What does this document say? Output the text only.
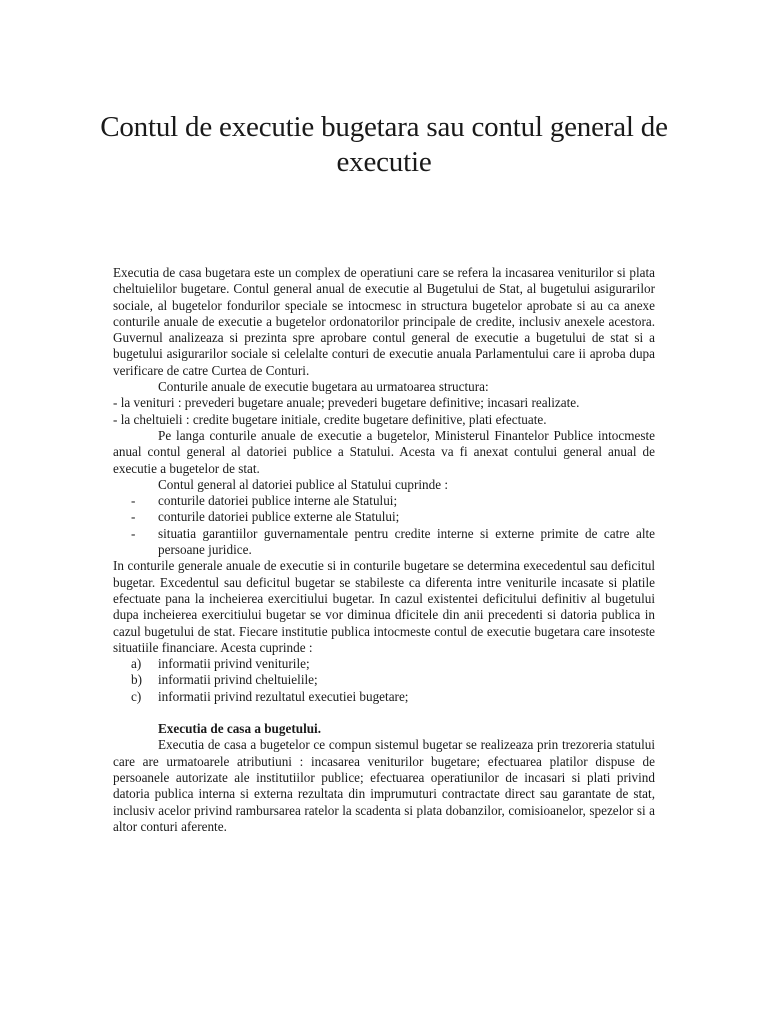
Contul de executie bugetara sau contul general de executie

Executia de casa bugetara este un complex de operatiuni care se refera la incasarea veniturilor si plata cheltuielilor bugetare. Contul general anual de executie al Bugetului de Stat, al bugetului asigurarilor sociale, al bugetelor fondurilor speciale se intocmesc in structura bugetelor aprobate si au ca anexe conturile anuale de executie a bugetelor ordonatorilor principale de credite, inclusiv anexele acestora. Guvernul analizeaza si prezinta spre aprobare contul general de executie a bugetului de stat si a bugetului asigurarilor sociale si celelalte conturi de executie anuala Parlamentului care ii aproba dupa verificare de catre Curtea de Conturi.

Conturile anuale de executie bugetara au urmatoarea structura:

- la venituri : prevederi bugetare anuale; prevederi bugetare definitive; incasari realizate.

- la cheltuieli : credite bugetare initiale, credite bugetare definitive, plati efectuate.

Pe langa conturile anuale de executie a bugetelor, Ministerul Finantelor Publice intocmeste anual contul general al datoriei publice a Statului. Acesta va fi anexat contului general anual de executie a bugetelor de stat.

Contul general al datoriei publice al Statului cuprinde :

-	conturile datoriei publice interne ale Statului;
-	conturile datoriei publice externe ale Statului;
-	situatia garantiilor guvernamentale pentru credite interne si externe primite de catre alte persoane juridice.

In conturile generale anuale de executie si in conturile bugetare se determina execedentul sau deficitul bugetar. Excedentul sau deficitul bugetar se stabileste ca diferenta intre veniturile incasate si platile efectuate pana la incheierea exercitiului bugetar. In cazul existentei deficitului definitiv al bugetului dupa incheierea exercitiului bugetar se vor diminua dficitele din anii precedenti si datoria publica in cazul bugetului de stat. Fiecare institutie publica intocmeste contul de executie bugetara care insoteste situatiile financiare. Acesta cuprinde :

a)	informatii privind veniturile;
b)	informatii privind cheltuielile;
c)	informatii privind rezultatul executiei bugetare;

Executia de casa a bugetului.

Executia de casa a bugetelor ce compun sistemul bugetar se realizeaza prin trezoreria statului care are urmatoarele atributiuni : incasarea veniturilor bugetare; efectuarea platilor dispuse de persoanele autorizate ale institutiilor publice; efectuarea operatiunilor de incasari si plati privind datoria publica interna si externa rezultata din imprumuturi contractate direct sau garantate de stat, inclusiv acelor privind rambursarea ratelor la scadenta si plata dobanzilor, comisioanelor, spezelor si a altor conturi aferente.
